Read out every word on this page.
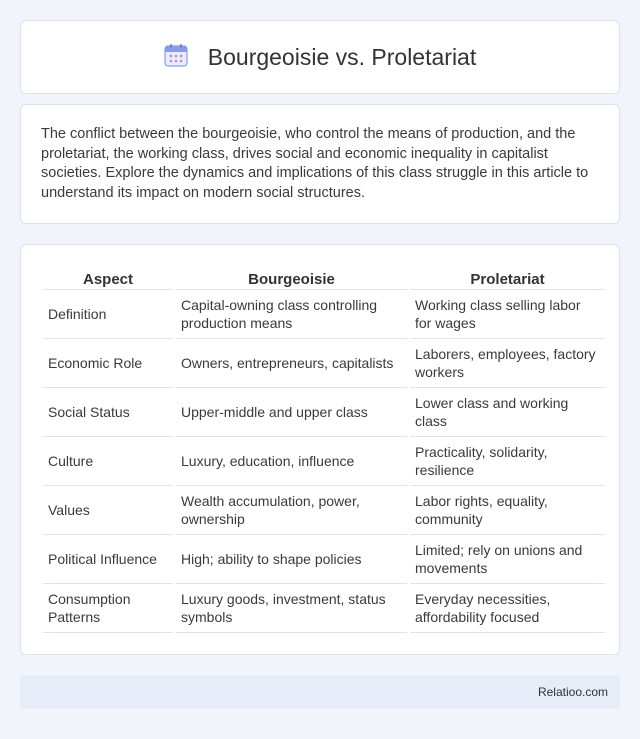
Bourgeoisie vs. Proletariat

The conflict between the bourgeoisie, who control the means of production, and the proletariat, the working class, drives social and economic inequality in capitalist societies. Explore the dynamics and implications of this class struggle in this article to understand its impact on modern social structures.

Aspect	Bourgeoisie	Proletariat
Definition	Capital-owning class controlling production means	Working class selling labor for wages
Economic Role	Owners, entrepreneurs, capitalists	Laborers, employees, factory workers
Social Status	Upper-middle and upper class	Lower class and working class
Culture	Luxury, education, influence	Practicality, solidarity, resilience
Values	Wealth accumulation, power, ownership	Labor rights, equality, community
Political Influence	High; ability to shape policies	Limited; rely on unions and movements
Consumption Patterns	Luxury goods, investment, status symbols	Everyday necessities, affordability focused
Relatioo.com
